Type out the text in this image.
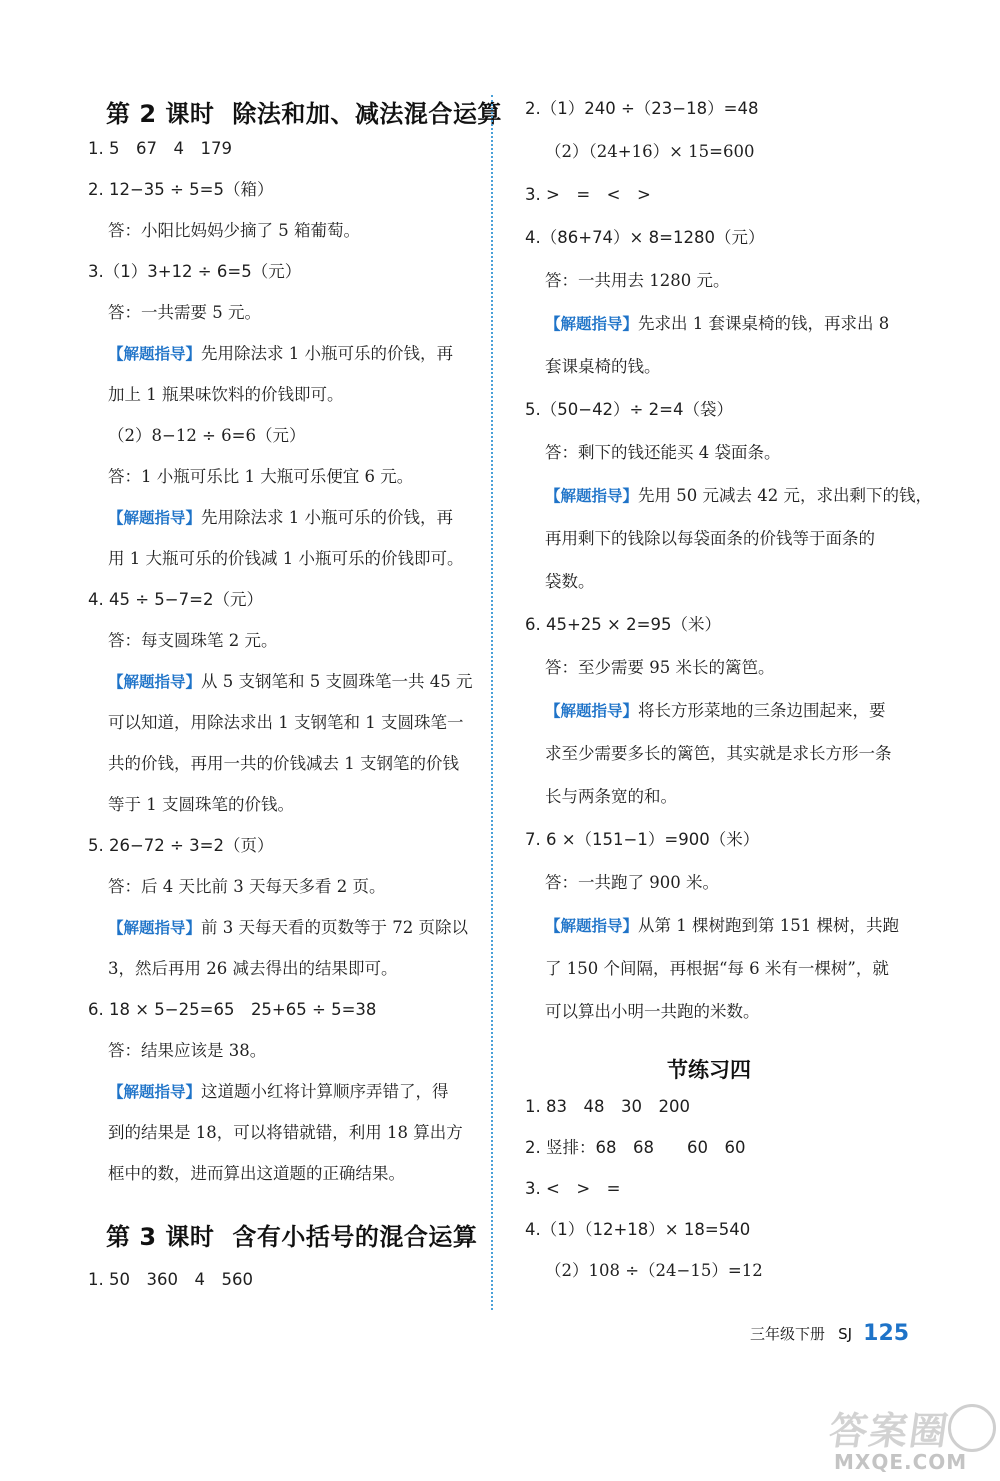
第 2 课时 除法和加、减法混合运算
1. 5　67　4　179
2. 12−35 ÷ 5=5（箱）
答：小阳比妈妈少摘了 5 箱葡萄。
3.（1）3+12 ÷ 6=5（元）
答：一共需要 5 元。
【解题指导】先用除法求 1 小瓶可乐的价钱，再
加上 1 瓶果味饮料的价钱即可。
（2）8−12 ÷ 6=6（元）
答：1 小瓶可乐比 1 大瓶可乐便宜 6 元。
【解题指导】先用除法求 1 小瓶可乐的价钱，再
用 1 大瓶可乐的价钱减 1 小瓶可乐的价钱即可。
4. 45 ÷ 5−7=2（元）
答：每支圆珠笔 2 元。
【解题指导】从 5 支钢笔和 5 支圆珠笔一共 45 元
可以知道，用除法求出 1 支钢笔和 1 支圆珠笔一
共的价钱，再用一共的价钱减去 1 支钢笔的价钱
等于 1 支圆珠笔的价钱。
5. 26−72 ÷ 3=2（页）
答：后 4 天比前 3 天每天多看 2 页。
【解题指导】前 3 天每天看的页数等于 72 页除以
3，然后再用 26 减去得出的结果即可。
6. 18 × 5−25=65　25+65 ÷ 5=38
答：结果应该是 38。
【解题指导】这道题小红将计算顺序弄错了，得
到的结果是 18，可以将错就错，利用 18 算出方
框中的数，进而算出这道题的正确结果。
第 3 课时 含有小括号的混合运算
1. 50　360　4　560
2.（1）240 ÷（23−18）=48
（2）（24+16）× 15=600
3. >　=　<　>
4.（86+74）× 8=1280（元）
答：一共用去 1280 元。
【解题指导】先求出 1 套课桌椅的钱，再求出 8
套课桌椅的钱。
5.（50−42）÷ 2=4（袋）
答：剩下的钱还能买 4 袋面条。
【解题指导】先用 50 元减去 42 元，求出剩下的钱，
再用剩下的钱除以每袋面条的价钱等于面条的
袋数。
6. 45+25 × 2=95（米）
答：至少需要 95 米长的篱笆。
【解题指导】将长方形菜地的三条边围起来，要
求至少需要多长的篱笆，其实就是求长方形一条
长与两条宽的和。
7. 6 ×（151−1）=900（米）
答：一共跑了 900 米。
【解题指导】从第 1 棵树跑到第 151 棵树，共跑
了 150 个间隔，再根据“每 6 米有一棵树”，就
可以算出小明一共跑的米数。
节练习四
1. 83　48　30　200
2. 竖排：68　68　　60　60
3. <　>　=
4.（1）（12+18）× 18=540
（2）108 ÷（24−15）=12
三年级下册 SJ 125
答案圈
MXQE.COM
